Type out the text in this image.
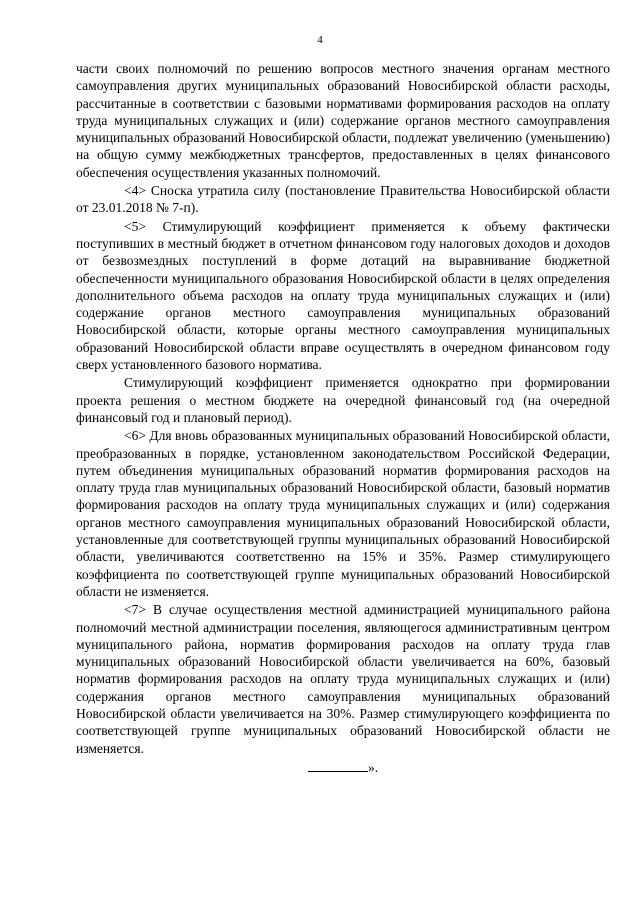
4

части своих полномочий по решению вопросов местного значения органам местного самоуправления других муниципальных образований Новосибирской области расходы, рассчитанные в соответствии с базовыми нормативами формирования расходов на оплату труда муниципальных служащих и (или) содержание органов местного самоуправления муниципальных образований Новосибирской области, подлежат увеличению (уменьшению) на общую сумму межбюджетных трансфертов, предоставленных в целях финансового обеспечения осуществления указанных полномочий.

<4> Сноска утратила силу (постановление Правительства Новосибирской области от 23.01.2018 № 7-п).

<5> Стимулирующий коэффициент применяется к объему фактически поступивших в местный бюджет в отчетном финансовом году налоговых доходов и доходов от безвозмездных поступлений в форме дотаций на выравнивание бюджетной обеспеченности муниципального образования Новосибирской области в целях определения дополнительного объема расходов на оплату труда муниципальных служащих и (или) содержание органов местного самоуправления муниципальных образований Новосибирской области, которые органы местного самоуправления муниципальных образований Новосибирской области вправе осуществлять в очередном финансовом году сверх установленного базового норматива.

Стимулирующий коэффициент применяется однократно при формировании проекта решения о местном бюджете на очередной финансовый год (на очередной финансовый год и плановый период).

<6> Для вновь образованных муниципальных образований Новосибирской области, преобразованных в порядке, установленном законодательством Российской Федерации, путем объединения муниципальных образований норматив формирования расходов на оплату труда глав муниципальных образований Новосибирской области, базовый норматив формирования расходов на оплату труда муниципальных служащих и (или) содержания органов местного самоуправления муниципальных образований Новосибирской области, установленные для соответствующей группы муниципальных образований Новосибирской области, увеличиваются соответственно на 15% и 35%. Размер стимулирующего коэффициента по соответствующей группе муниципальных образований Новосибирской области не изменяется.

<7> В случае осуществления местной администрацией муниципального района полномочий местной администрации поселения, являющегося административным центром муниципального района, норматив формирования расходов на оплату труда глав муниципальных образований Новосибирской области увеличивается на 60%, базовый норматив формирования расходов на оплату труда муниципальных служащих и (или) содержания органов местного самоуправления муниципальных образований Новосибирской области увеличивается на 30%. Размер стимулирующего коэффициента по соответствующей группе муниципальных образований Новосибирской области не изменяется.

».
